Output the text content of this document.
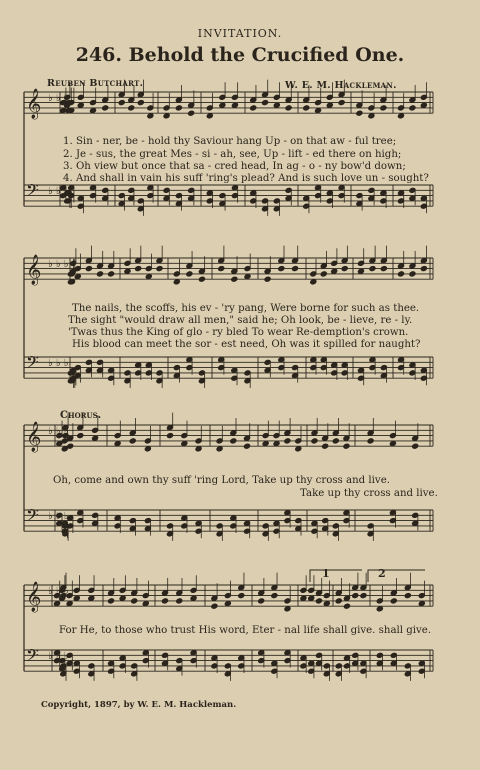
INVITATION.
246. Behold the Crucified One.
Reuben Butchart.	W. E. M. Hackleman.
𝄞 ♭ ♭ ♭
𝄢 ♭ ♭ ♭
𝄞 ♭ ♭ ♭
𝄢 ♭ ♭ ♭
𝄞 ♭ ♭ ♭
𝄢 ♭ ♭ ♭
𝄞 ♭ ♭ ♭
𝄢 ♭ ♭ ♭
1. Sin - ner, be - hold thy Saviour hang Up - on that aw - ful tree;
2. Je - sus, the great Mes - si - ah, see, Up - lift - ed there on high;
3. Oh view but once that sa - cred head, In ag - o - ny bow'd down;
4. And shall in vain his suff 'ring's plead? And is such love un - sought?
The nails, the scoffs, his ev - 'ry pang, Were borne for such as thee.
The sight "would draw all men," said he; Oh look, be - lieve, re - ly.
'Twas thus the King of glo - ry bled To wear Re-demption's crown.
His blood can meet the sor - est need, Oh was it spilled for naught?
Chorus.
Oh, come and own thy suff 'ring Lord, Take up thy cross and live.
Take up thy cross and live.
For He, to those who trust His word, Eter - nal life shall give. shall give.
1	2
Copyright, 1897, by W. E. M. Hackleman.
